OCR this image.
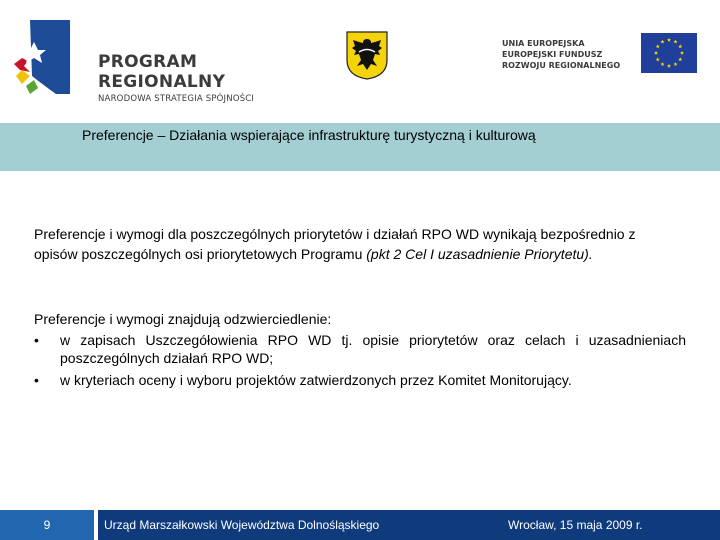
PROGRAM
REGIONALNY
NARODOWA STRATEGIA SPÓJNOŚCI
UNIA EUROPEJSKA
EUROPEJSKI FUNDUSZ
ROZWOJU REGIONALNEGO
Preferencje – Działania wspierające infrastrukturę turystyczną i kulturową
Preferencje i wymogi dla poszczególnych priorytetów i działań RPO WD wynikają bezpośrednio z opisów poszczególnych osi priorytetowych Programu (pkt 2 Cel I uzasadnienie Priorytetu).
Preferencje i wymogi znajdują odzwierciedlenie:
• w zapisach Uszczegółowienia RPO WD tj. opisie priorytetów oraz celach i uzasadnieniach poszczególnych działań RPO WD;
• w kryteriach oceny i wyboru projektów zatwierdzonych przez Komitet Monitorujący.
9	Urząd Marszałkowski Województwa Dolnośląskiego	Wrocław, 15 maja 2009 r.
